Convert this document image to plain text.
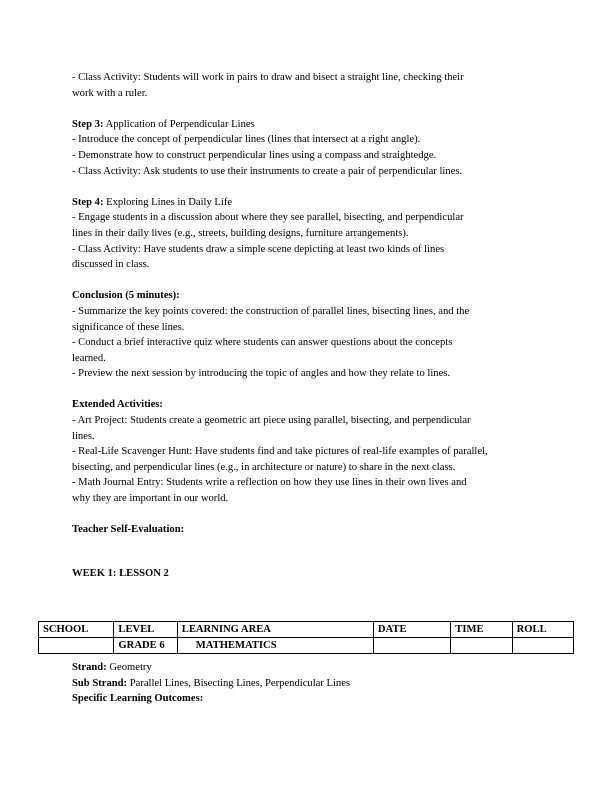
- Class Activity: Students will work in pairs to draw and bisect a straight line, checking their
work with a ruler.

Step 3: Application of Perpendicular Lines
- Introduce the concept of perpendicular lines (lines that intersect at a right angle).
- Demonstrate how to construct perpendicular lines using a compass and straightedge.
- Class Activity: Ask students to use their instruments to create a pair of perpendicular lines.

Step 4: Exploring Lines in Daily Life
- Engage students in a discussion about where they see parallel, bisecting, and perpendicular
lines in their daily lives (e.g., streets, building designs, furniture arrangements).
- Class Activity: Have students draw a simple scene depicting at least two kinds of lines
discussed in class.

Conclusion (5 minutes):
- Summarize the key points covered: the construction of parallel lines, bisecting lines, and the
significance of these lines.
- Conduct a brief interactive quiz where students can answer questions about the concepts
learned.
- Preview the next session by introducing the topic of angles and how they relate to lines.

Extended Activities:
- Art Project: Students create a geometric art piece using parallel, bisecting, and perpendicular
lines.
- Real-Life Scavenger Hunt: Have students find and take pictures of real-life examples of parallel,
bisecting, and perpendicular lines (e.g., in architecture or nature) to share in the next class.
- Math Journal Entry: Students write a reflection on how they use lines in their own lives and
why they are important in our world.

Teacher Self-Evaluation:

WEEK 1: LESSON 2
SCHOOL	LEVEL	LEARNING AREA	DATE	TIME	ROLL
	GRADE 6	MATHEMATICS			
Strand: Geometry
Sub Strand: Parallel Lines, Bisecting Lines, Perpendicular Lines
Specific Learning Outcomes:
